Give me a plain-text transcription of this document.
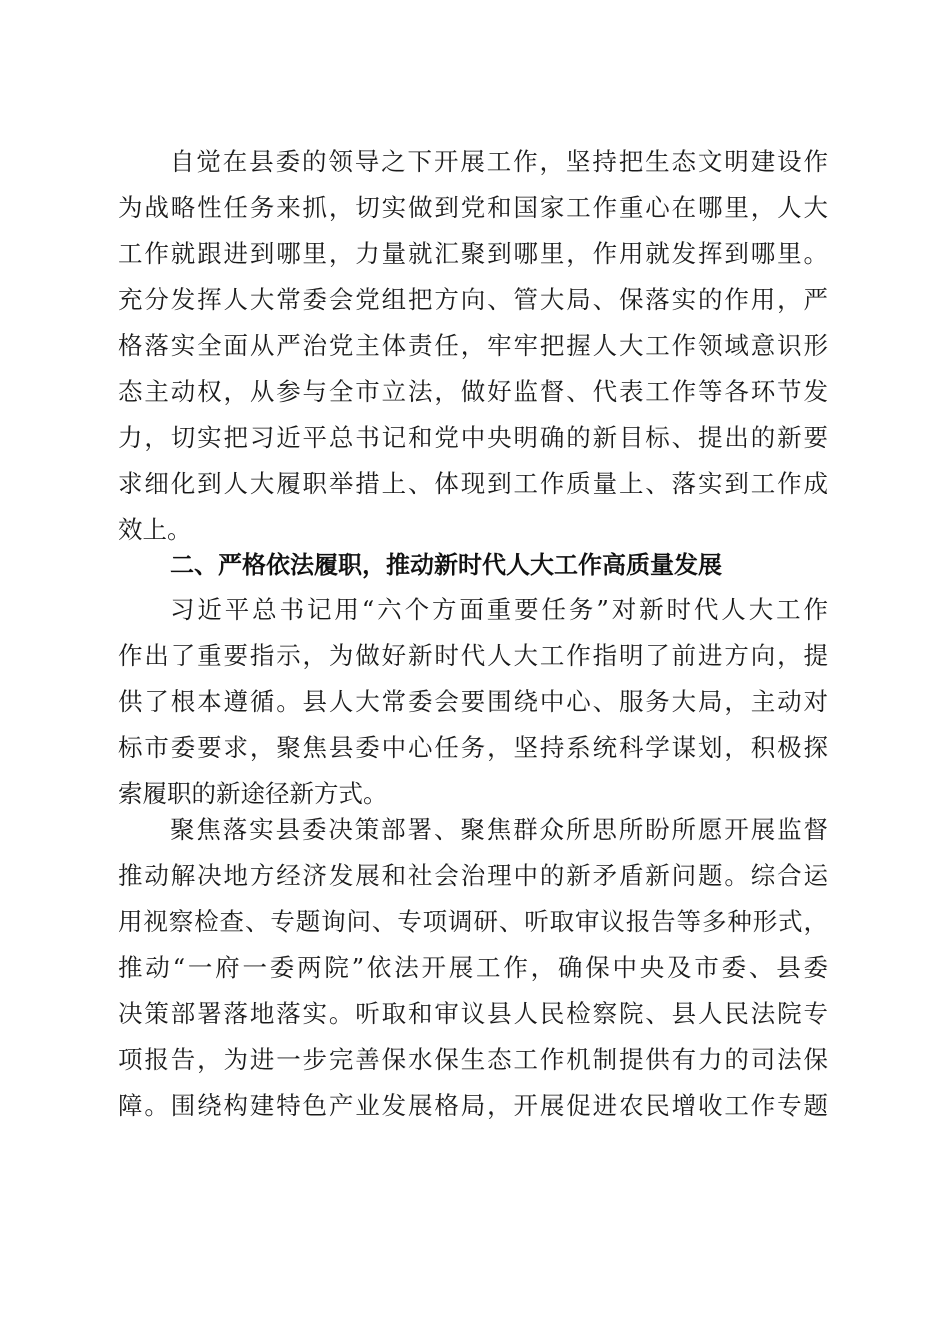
自觉在县委的领导之下开展工作，坚持把生态文明建设作
为战略性任务来抓，切实做到党和国家工作重心在哪里，人大
工作就跟进到哪里，力量就汇聚到哪里，作用就发挥到哪里。
充分发挥人大常委会党组把方向、管大局、保落实的作用，严
格落实全面从严治党主体责任，牢牢把握人大工作领域意识形
态主动权，从参与全市立法，做好监督、代表工作等各环节发
力，切实把习近平总书记和党中央明确的新目标、提出的新要
求细化到人大履职举措上、体现到工作质量上、落实到工作成
效上。
二、严格依法履职，推动新时代人大工作高质量发展
习近平总书记用“六个方面重要任务”对新时代人大工作
作出了重要指示，为做好新时代人大工作指明了前进方向，提
供了根本遵循。县人大常委会要围绕中心、服务大局，主动对
标市委要求，聚焦县委中心任务，坚持系统科学谋划，积极探
索履职的新途径新方式。
聚焦落实县委决策部署、聚焦群众所思所盼所愿开展监督
推动解决地方经济发展和社会治理中的新矛盾新问题。综合运
用视察检查、专题询问、专项调研、听取审议报告等多种形式，
推动“一府一委两院”依法开展工作，确保中央及市委、县委
决策部署落地落实。听取和审议县人民检察院、县人民法院专
项报告，为进一步完善保水保生态工作机制提供有力的司法保
障。围绕构建特色产业发展格局，开展促进农民增收工作专题
